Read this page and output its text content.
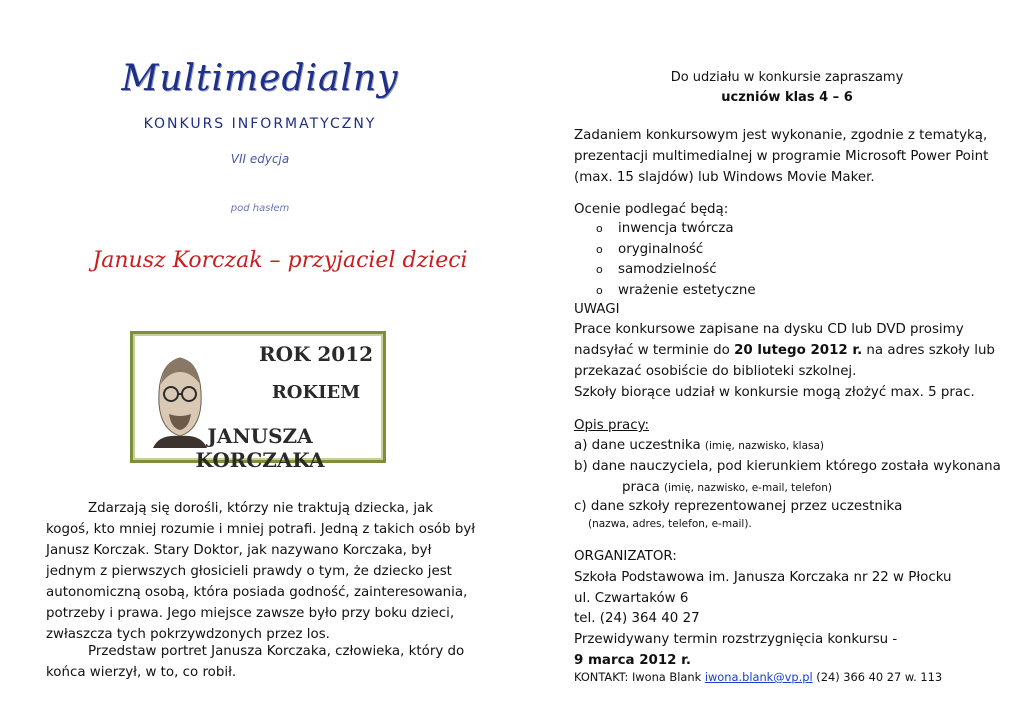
Multimedialny
KONKURS INFORMATYCZNY
VII edycja
pod hasłem
Janusz Korczak – przyjaciel dzieci
ROK 2012
ROKIEM
JANUSZA KORCZAKA
Zdarzają się dorośli, którzy nie traktują dziecka, jak kogoś, kto mniej rozumie i mniej potrafi. Jedną z takich osób był Janusz Korczak. Stary Doktor, jak nazywano Korczaka, był jednym z pierwszych głosicieli prawdy o tym, że dziecko jest autonomiczną osobą, która posiada godność, zainteresowania, potrzeby i prawa. Jego miejsce zawsze było przy boku dzieci, zwłaszcza tych pokrzywdzonych przez los.
Przedstaw portret Janusza Korczaka, człowieka, który do końca wierzył, w to, co robił.
Do udziału w konkursie zapraszamy
uczniów klas 4 – 6
Zadaniem konkursowym jest wykonanie, zgodnie z tematyką, prezentacji multimedialnej w programie Microsoft Power Point (max. 15 slajdów) lub Windows Movie Maker.
Ocenie podlegać będą:
o inwencja twórcza
o oryginalność
o samodzielność
o wrażenie estetyczne
UWAGI
Prace konkursowe zapisane na dysku CD lub DVD prosimy nadsyłać w terminie do 20 lutego 2012 r. na adres szkoły lub przekazać osobiście do biblioteki szkolnej.
Szkoły biorące udział w konkursie mogą złożyć max. 5 prac.
Opis pracy:
a) dane uczestnika (imię, nazwisko, klasa)
b) dane nauczyciela, pod kierunkiem którego została wykonana
praca (imię, nazwisko, e-mail, telefon)
c) dane szkoły reprezentowanej przez uczestnika
(nazwa, adres, telefon, e-mail).
ORGANIZATOR:
Szkoła Podstawowa im. Janusza Korczaka nr 22 w Płocku
ul. Czwartaków 6
tel. (24) 364 40 27
Przewidywany termin rozstrzygnięcia konkursu -
9 marca 2012 r.
KONTAKT: Iwona Blank iwona.blank@vp.pl (24) 366 40 27 w. 113
